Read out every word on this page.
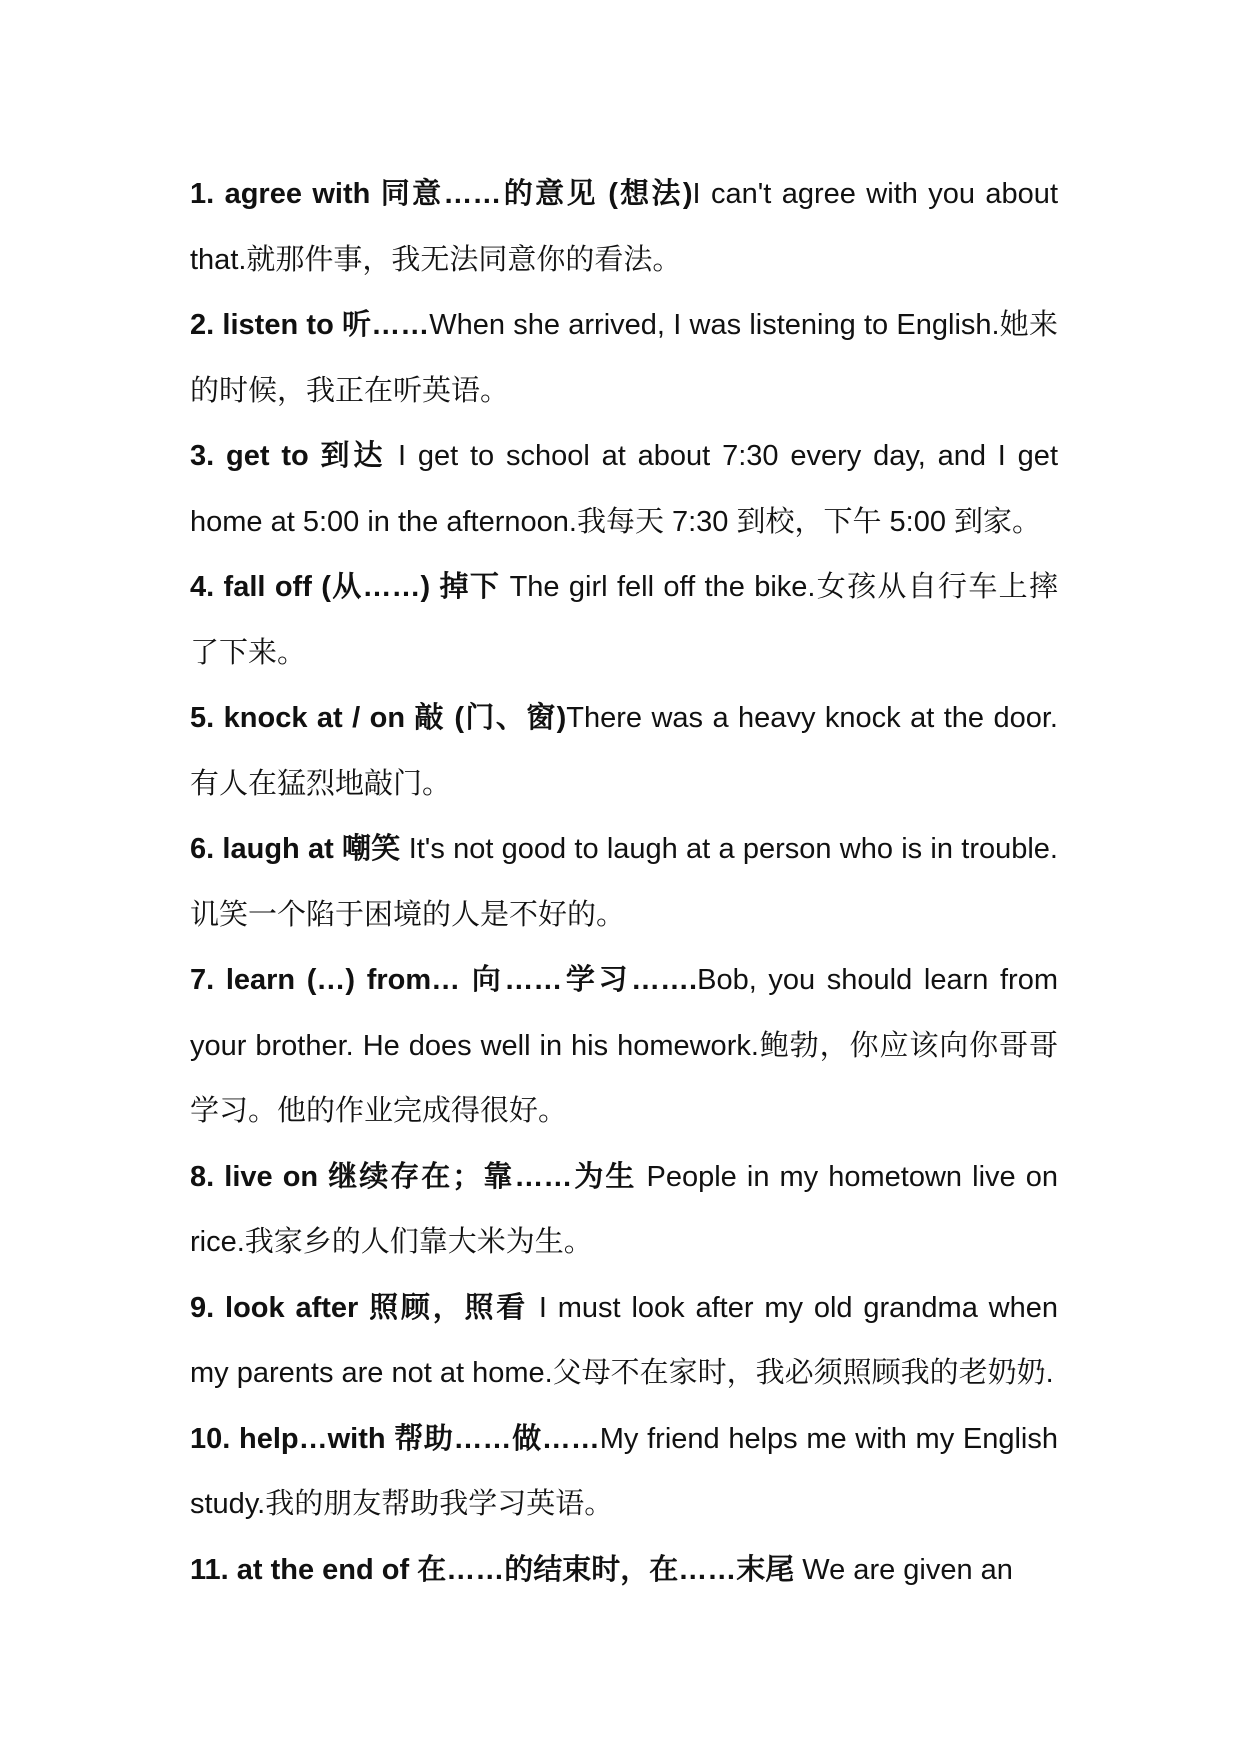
1. agree with 同意……的意见 (想法)I can't agree with you about that.就那件事，我无法同意你的看法。

2. listen to 听……When she arrived, I was listening to English.她来的时候，我正在听英语。

3. get to 到达 I get to school at about 7:30 every day, and I get home at 5:00 in the afternoon.我每天 7:30 到校，下午 5:00 到家。

4. fall off (从……) 掉下 The girl fell off the bike.女孩从自行车上摔了下来。

5. knock at / on 敲 (门、窗)There was a heavy knock at the door.有人在猛烈地敲门。

6. laugh at 嘲笑 It's not good to laugh at a person who is in trouble.讥笑一个陷于困境的人是不好的。

7. learn (…) from… 向……学习…….Bob, you should learn from your brother. He does well in his homework.鲍勃，你应该向你哥哥学习。他的作业完成得很好。

8. live on 继续存在；靠……为生 People in my hometown live on rice.我家乡的人们靠大米为生。

9. look after 照顾，照看 I must look after my old grandma when my parents are not at home.父母不在家时，我必须照顾我的老奶奶.

10. help…with 帮助……做……My friend helps me with my English study.我的朋友帮助我学习英语。

11. at the end of 在……的结束时，在……末尾 We are given an
